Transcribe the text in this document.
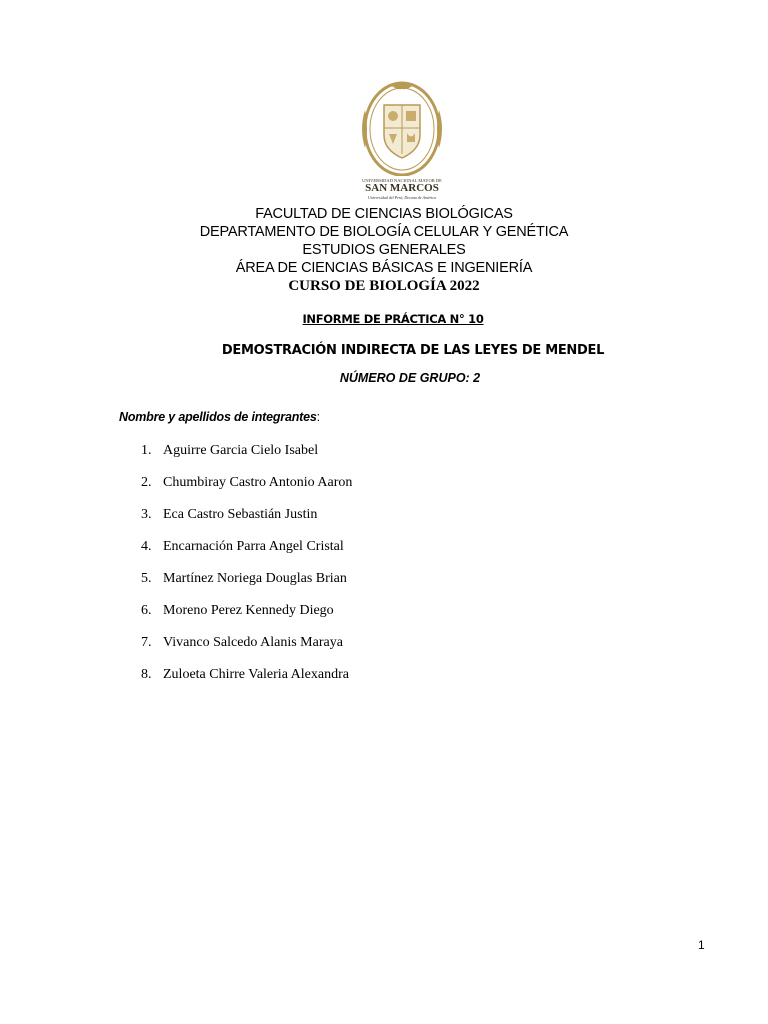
UNIVERSIDAD NACIONAL MAYOR DE
SAN MARCOS
Universidad del Perú, Decana de América
FACULTAD DE CIENCIAS BIOLÓGICAS
DEPARTAMENTO DE BIOLOGÍA CELULAR Y GENÉTICA
ESTUDIOS GENERALES
ÁREA DE CIENCIAS BÁSICAS E INGENIERÍA
CURSO DE BIOLOGÍA 2022
INFORME DE PRÁCTICA N° 10
DEMOSTRACIÓN INDIRECTA DE LAS LEYES DE MENDEL
NÚMERO DE GRUPO: 2
Nombre y apellidos de integrantes:
1. Aguirre Garcia Cielo Isabel
2. Chumbiray Castro Antonio Aaron
3. Eca Castro Sebastián Justin
4. Encarnación Parra Angel Cristal
5. Martínez Noriega Douglas Brian
6. Moreno Perez Kennedy Diego
7. Vivanco Salcedo Alanis Maraya
8. Zuloeta Chirre Valeria Alexandra
1
